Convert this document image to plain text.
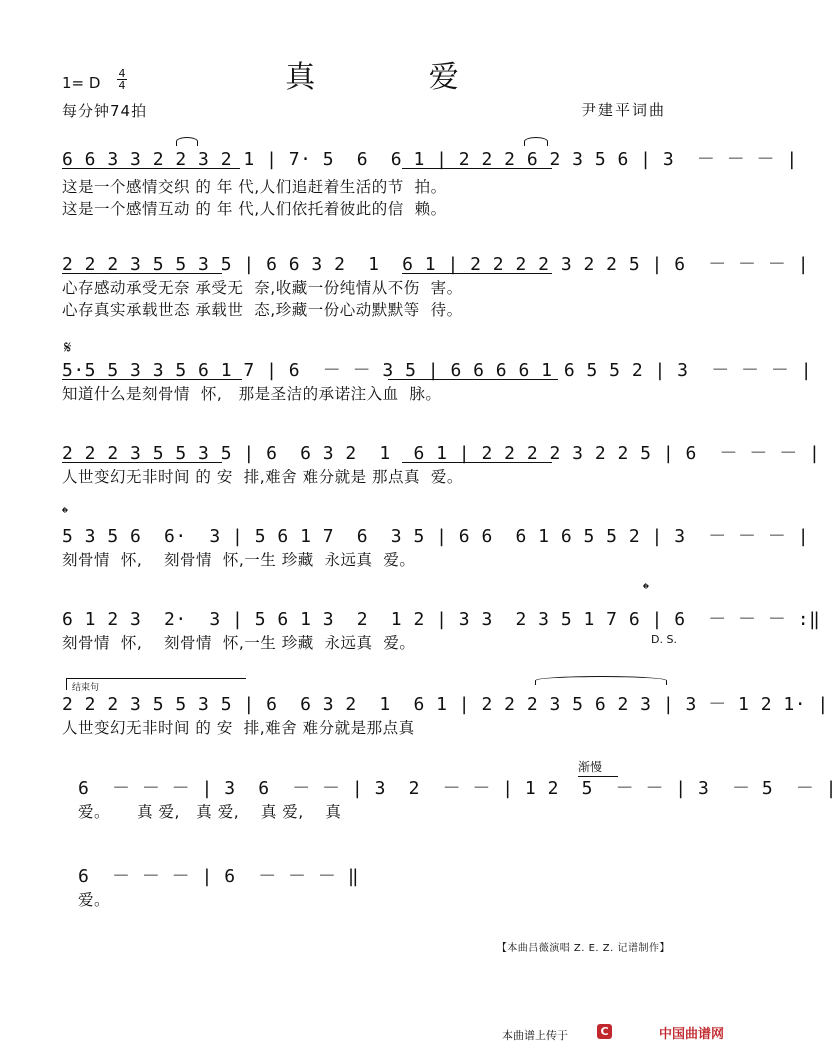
真 爱
1= D
4
4
每分钟74拍	尹建平词曲
𝄋
𝄌
𝄌
D. S.
结束句
渐慢
6 6 3 3 2 2 3 2 1 | 7· 5  6  6 1 | 2 2 2 6 2 3 5 6 | 3  － － － |
这是一个感情交织 的 年 代,人们追赶着生活的节  拍。
这是一个感情互动 的 年 代,人们依托着彼此的信  赖。
2 2 2 3 5 5 3 5 | 6 6 3 2  1  6 1 | 2 2 2 2 3 2 2 5 | 6  － － － |
心存感动承受无奈 承受无  奈,收藏一份纯情从不伤  害。
心存真实承载世态 承载世  态,珍藏一份心动默默等  待。
5·5 5 3 3 5 6 1 7 | 6  － － 3 5 | 6 6 6 6 1 6 5 5 2 | 3  － － － |
知道什么是刻骨情  怀,   那是圣洁的承诺注入血  脉。
2 2 2 3 5 5 3 5 | 6  6 3 2  1  6 1 | 2 2 2 2 3 2 2 5 | 6  － － － |
人世变幻无非时间 的 安  排,难舍 难分就是 那点真  爱。
5 3 5 6  6·  3 | 5 6 1 7  6  3 5 | 6 6  6 1 6 5 5 2 | 3  － － － |
刻骨情  怀,    刻骨情  怀,一生 珍藏  永远真  爱。
6 1 2 3  2·  3 | 5 6 1 3  2  1 2 | 3 3  2 3 5 1 7 6 | 6  － － － :‖
刻骨情  怀,    刻骨情  怀,一生 珍藏  永远真  爱。
2 2 2 3 5 5 3 5 | 6  6 3 2  1  6 1 | 2 2 2 3 5 6 2 3 | 3 － 1 2 1· |
人世变幻无非时间 的 安  排,难舍 难分就是那点真
6  － － － | 3  6  － － | 3  2  － － | 1 2  5  － － | 3  － 5  － |
爱。     真 爱,   真 爱,    真 爱,    真
6  － － － | 6  － － － ‖
爱。
【本曲吕薇演唱 Z. E. Z. 记谱制作】
本曲谱上传于	C	中国曲谱网
